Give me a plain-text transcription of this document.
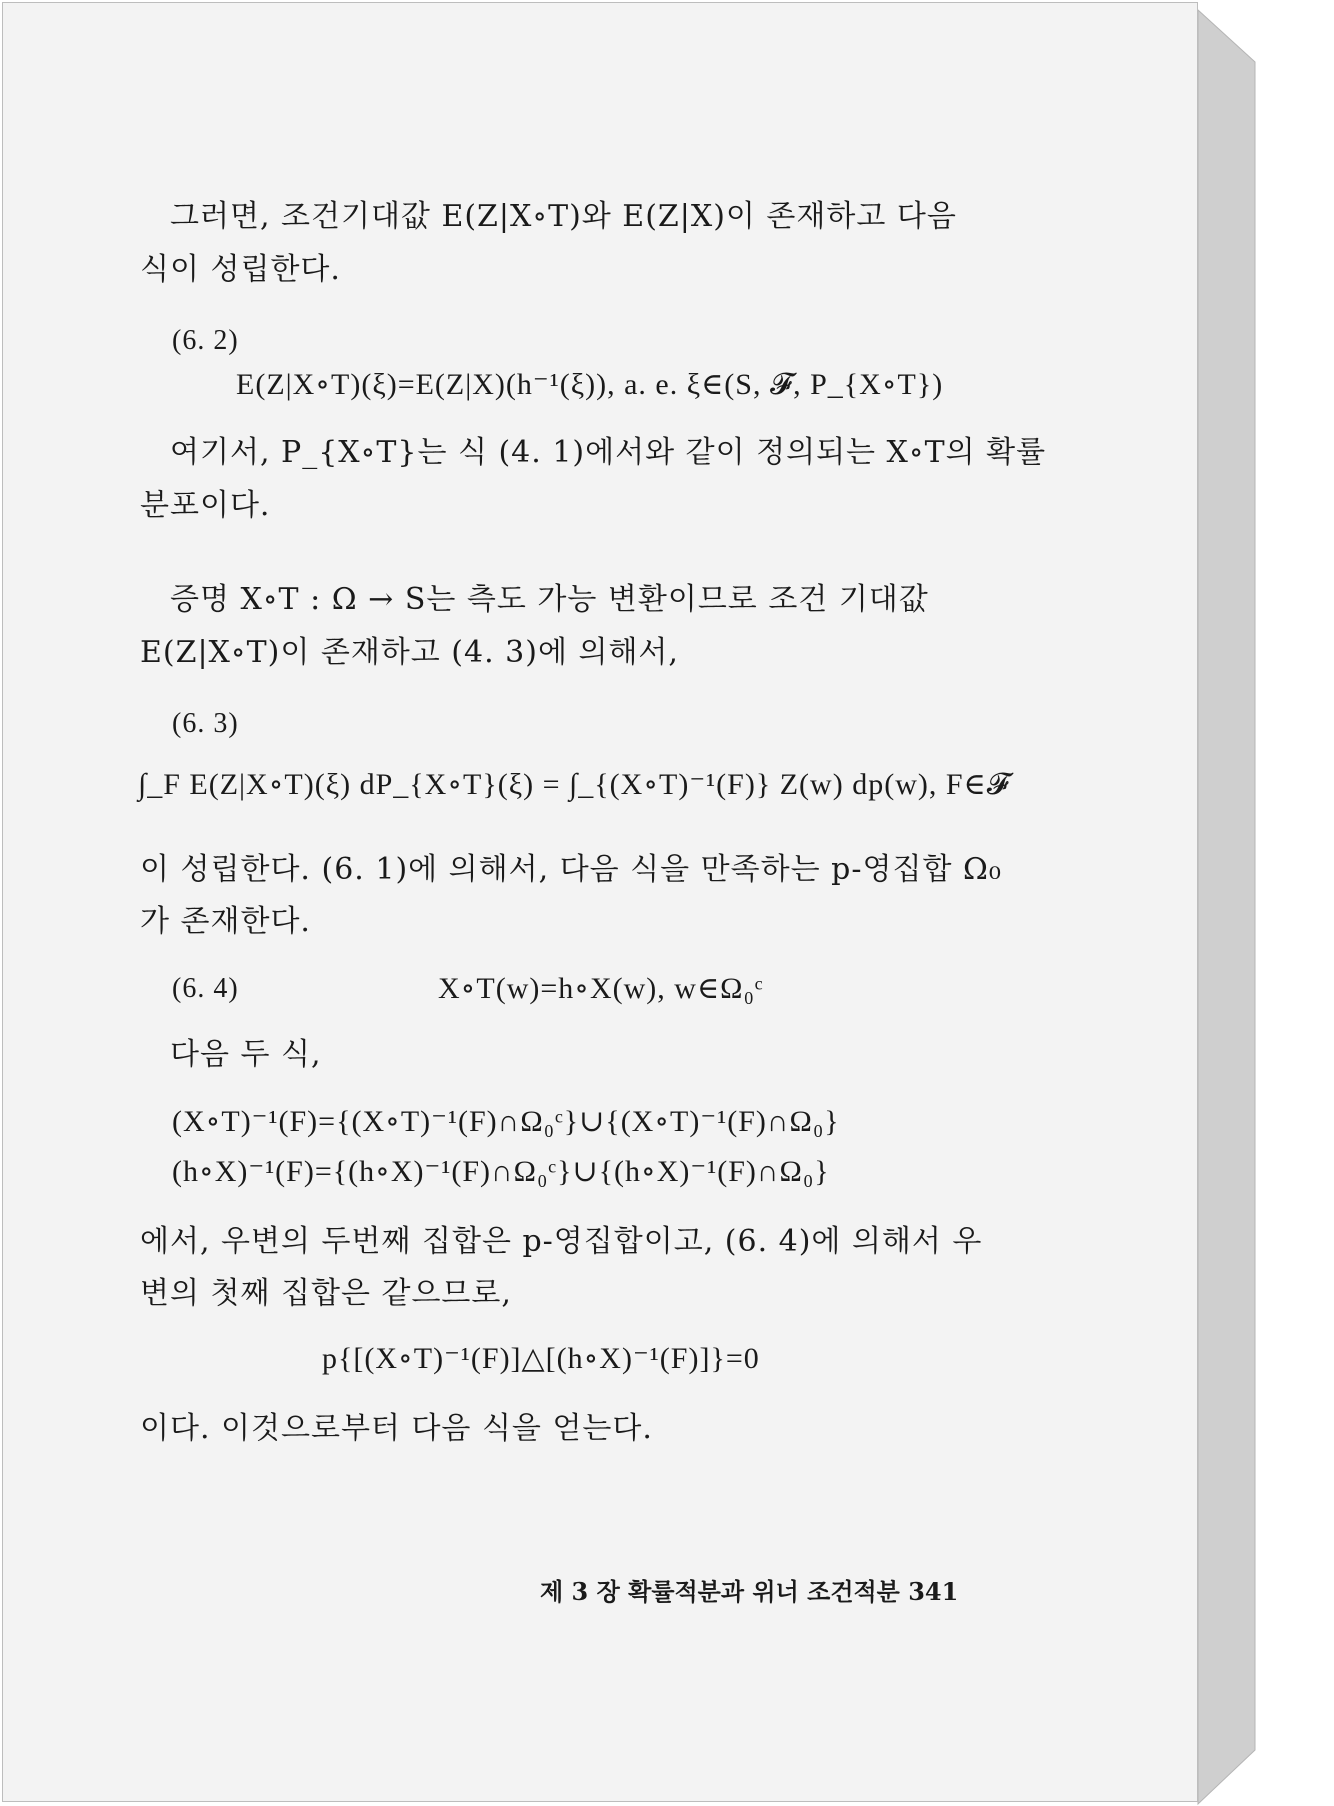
그러면, 조건기대값 E(Z|X∘T)와 E(Z|X)이 존재하고 다음
식이 성립한다.
(6. 2)
E(Z|X∘T)(ξ)=E(Z|X)(h⁻¹(ξ)), a. e. ξ∈(S, 𝓕, P_{X∘T})
여기서, P_{X∘T}는 식 (4. 1)에서와 같이 정의되는 X∘T의 확률
분포이다.
증명 X∘T : Ω → S는 측도 가능 변환이므로 조건 기대값
E(Z|X∘T)이 존재하고 (4. 3)에 의해서,
(6. 3)
∫_F E(Z|X∘T)(ξ) dP_{X∘T}(ξ) = ∫_{(X∘T)⁻¹(F)} Z(w) dp(w), F∈𝓕
이 성립한다. (6. 1)에 의해서, 다음 식을 만족하는 p-영집합 Ω₀
가 존재한다.
(6. 4)	X∘T(w)=h∘X(w), w∈Ω₀ᶜ
다음 두 식,
(X∘T)⁻¹(F)={(X∘T)⁻¹(F)∩Ω₀ᶜ}∪{(X∘T)⁻¹(F)∩Ω₀}
(h∘X)⁻¹(F)={(h∘X)⁻¹(F)∩Ω₀ᶜ}∪{(h∘X)⁻¹(F)∩Ω₀}
에서, 우변의 두번째 집합은 p-영집합이고, (6. 4)에 의해서 우
변의 첫째 집합은 같으므로,
p{[(X∘T)⁻¹(F)]△[(h∘X)⁻¹(F)]}=0
이다. 이것으로부터 다음 식을 얻는다.
제 3 장 확률적분과 위너 조건적분 341
